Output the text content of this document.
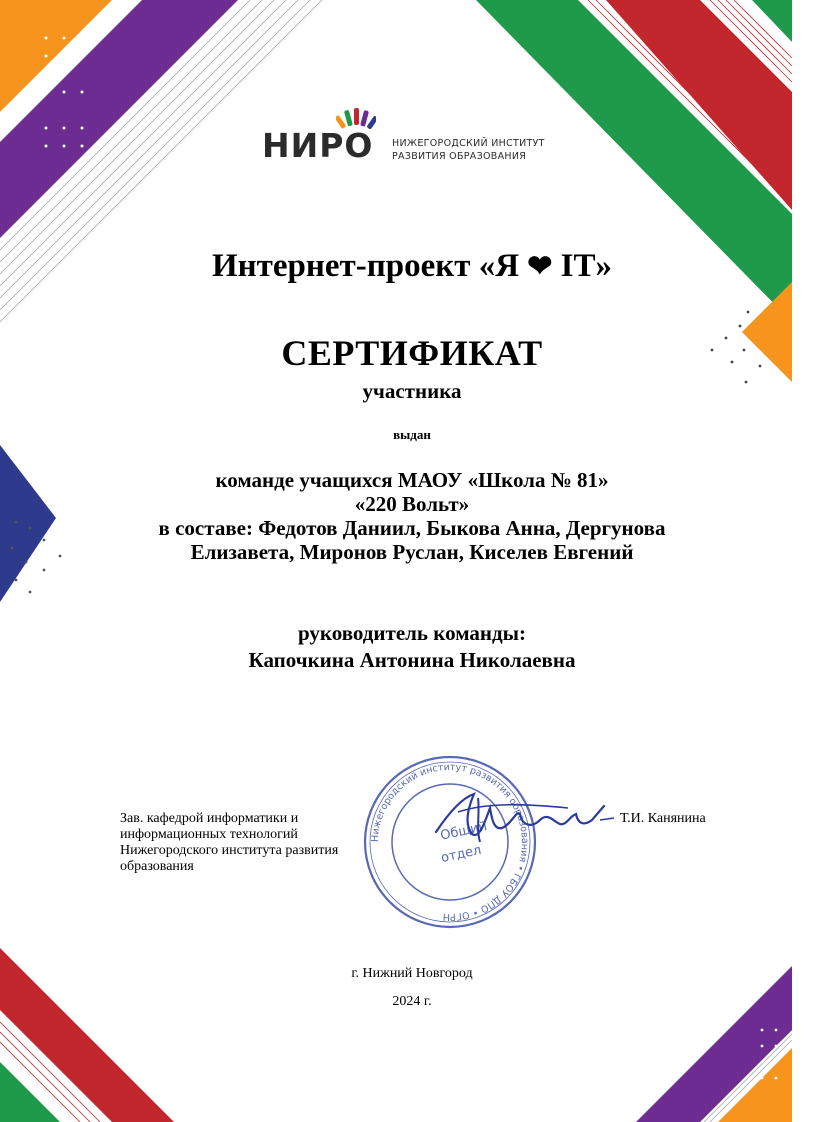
НИРО НИЖЕГОРОДСКИЙ ИНСТИТУТ
РАЗВИТИЯ ОБРАЗОВАНИЯ
Интернет-проект «Я ❤ IT»
СЕРТИФИКАТ
участника
выдан
команде учащихся МАОУ «Школа № 81»
«220 Вольт»
в составе: Федотов Даниил, Быкова Анна, Дергунова
Елизавета, Миронов Руслан, Киселев Евгений
руководитель команды:
Капочкина Антонина Николаевна
Зав. кафедрой информатики и
информационных технологий
Нижегородского института развития
образования
Нижегородский институт развития образования • ГБОУ ДПО • ОГРН
Общий
отдел
Т.И. Канянина
г. Нижний Новгород
2024 г.
